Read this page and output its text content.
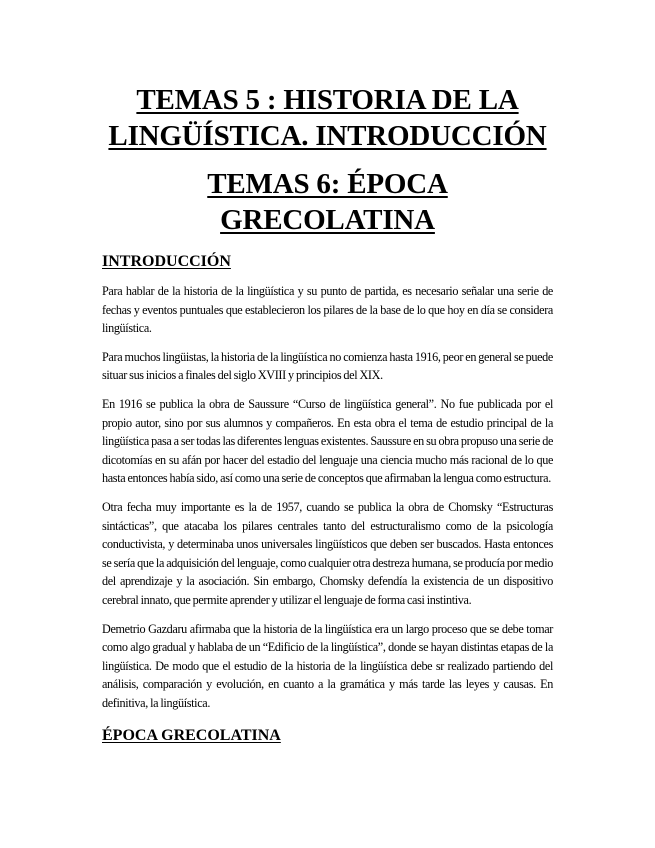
TEMAS 5 : HISTORIA DE LA LINGÜÍSTICA. INTRODUCCIÓN
TEMAS 6: ÉPOCA GRECOLATINA
INTRODUCCIÓN

Para hablar de la historia de la lingüística y su punto de partida, es necesario señalar una serie de fechas y eventos puntuales que establecieron los pilares de la base de lo que hoy en día se considera lingüística.

Para muchos lingüistas, la historia de la lingüística no comienza hasta 1916, peor en general se puede situar sus inicios a finales del siglo XVIII y principios del XIX.

En 1916 se publica la obra de Saussure “Curso de lingüística general”. No fue publicada por el propio autor, sino por sus alumnos y compañeros. En esta obra el tema de estudio principal de la lingüística pasa a ser todas las diferentes lenguas existentes. Saussure en su obra propuso una serie de dicotomías en su afán por hacer del estadio del lenguaje una ciencia mucho más racional de lo que hasta entonces había sido, así como una serie de conceptos que afirmaban la lengua como estructura.

Otra fecha muy importante es la de 1957, cuando se publica la obra de Chomsky “Estructuras sintácticas”, que atacaba los pilares centrales tanto del estructuralismo como de la psicología conductivista, y determinaba unos universales lingüísticos que deben ser buscados. Hasta entonces se sería que la adquisición del lenguaje, como cualquier otra destreza humana, se producía por medio del aprendizaje y la asociación. Sin embargo, Chomsky defendía la existencia de un dispositivo cerebral innato, que permite aprender y utilizar el lenguaje de forma casi instintiva.

Demetrio Gazdaru afirmaba que la historia de la lingüística era un largo proceso que se debe tomar como algo gradual y hablaba de un “Edificio de la lingüística”, donde se hayan distintas etapas de la lingüística. De modo que el estudio de la historia de la lingüística debe sr realizado partiendo del análisis, comparación y evolución, en cuanto a la gramática y más tarde las leyes y causas. En definitiva, la lingüística.

ÉPOCA GRECOLATINA
